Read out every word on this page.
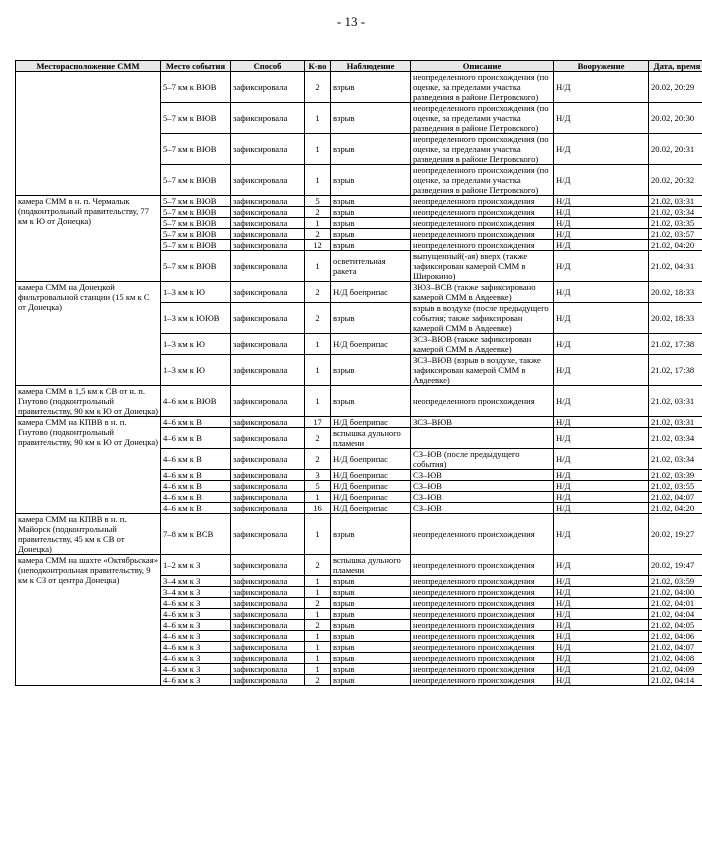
- 13 -
Месторасположение СММ	Место события	Способ	К-во	Наблюдение	Описание	Вооружение	Дата, время
	5–7 км к ВЮВ	зафиксировала	2	взрыв	неопределенного происхождения (по оценке, за пределами участка разведения в районе Петровского)	Н/Д	20.02, 20:29
	5–7 км к ВЮВ	зафиксировала	1	взрыв	неопределенного происхождения (по оценке, за пределами участка разведения в районе Петровского)	Н/Д	20.02, 20:30
	5–7 км к ВЮВ	зафиксировала	1	взрыв	неопределенного происхождения (по оценке, за пределами участка разведения в районе Петровского)	Н/Д	20.02, 20:31
	5–7 км к ВЮВ	зафиксировала	1	взрыв	неопределенного происхождения (по оценке, за пределами участка разведения в районе Петровского)	Н/Д	20.02, 20:32
камера СММ в н. п. Чермалык (подконтрольный правительству, 77 км к Ю от Донецка)	5–7 км к ВЮВ	зафиксировала	5	взрыв	неопределенного происхождения	Н/Д	21.02, 03:31
	5–7 км к ВЮВ	зафиксировала	2	взрыв	неопределенного происхождения	Н/Д	21.02, 03:34
	5–7 км к ВЮВ	зафиксировала	1	взрыв	неопределенного происхождения	Н/Д	21.02, 03:35
	5–7 км к ВЮВ	зафиксировала	2	взрыв	неопределенного происхождения	Н/Д	21.02, 03:57
	5–7 км к ВЮВ	зафиксировала	12	взрыв	неопределенного происхождения	Н/Д	21.02, 04:20
	5–7 км к ВЮВ	зафиксировала	1	осветительная ракета	выпущенный(-ая) вверх (также зафиксирован камерой СММ в Широкино)	Н/Д	21.02, 04:31
камера СММ на Донецкой фильтровальной станции (15 км к С от Донецка)	1–3 км к Ю	зафиксировала	2	Н/Д боеприпас	ЗЮЗ–ВСВ (также зафиксировано камерой СММ в Авдеевке)	Н/Д	20.02, 18:33
	1–3 км к ЮЮВ	зафиксировала	2	взрыв	взрыв в воздухе (после предыдущего события; также зафиксирован камерой СММ в Авдеевке)	Н/Д	20.02, 18:33
	1–3 км к Ю	зафиксировала	1	Н/Д боеприпас	ЗСЗ–ВЮВ (также зафиксирован камерой СММ в Авдеевке)	Н/Д	21.02, 17:38
	1–3 км к Ю	зафиксировала	1	взрыв	ЗСЗ–ВЮВ (взрыв в воздухе, также зафиксирован камерой СММ в Авдеевке)	Н/Д	21.02, 17:38
камера СММ в 1,5 км к СВ от н. п. Гнутово (подконтрольный правительству, 90 км к Ю от Донецка)	4–6 км к ВЮВ	зафиксировала	1	взрыв	неопределенного происхождения	Н/Д	21.02, 03:31
камера СММ на КПВВ в н. п. Гнутово (подконтрольный правительству, 90 км к Ю от Донецка)	4–6 км к В	зафиксировала	17	Н/Д боеприпас	ЗСЗ–ВЮВ	Н/Д	21.02, 03:31
	4–6 км к В	зафиксировала	2	вспышка дульного пламени		Н/Д	21.02, 03:34
	4–6 км к В	зафиксировала	2	Н/Д боеприпас	СЗ–ЮВ (после предыдущего события)	Н/Д	21.02, 03:34
	4–6 км к В	зафиксировала	3	Н/Д боеприпас	СЗ–ЮВ	Н/Д	21.02, 03:39
	4–6 км к В	зафиксировала	5	Н/Д боеприпас	СЗ–ЮВ	Н/Д	21.02, 03:55
	4–6 км к В	зафиксировала	1	Н/Д боеприпас	СЗ–ЮВ	Н/Д	21.02, 04:07
	4–6 км к В	зафиксировала	16	Н/Д боеприпас	СЗ–ЮВ	Н/Д	21.02, 04:20
камера СММ на КПВВ в н. п. Майорск (подконтрольный правительству, 45 км к СВ от Донецка)	7–8 км к ВСВ	зафиксировала	1	взрыв	неопределенного происхождения	Н/Д	20.02, 19:27
камера СММ на шахте «Октябрьская» (неподконтрольная правительству, 9 км к СЗ от центра Донецка)	1–2 км к З	зафиксировала	2	вспышка дульного пламени	неопределенного происхождения	Н/Д	20.02, 19:47
	3–4 км к З	зафиксировала	1	взрыв	неопределенного происхождения	Н/Д	21.02, 03:59
	3–4 км к З	зафиксировала	1	взрыв	неопределенного происхождения	Н/Д	21.02, 04:00
	4–6 км к З	зафиксировала	2	взрыв	неопределенного происхождения	Н/Д	21.02, 04:01
	4–6 км к З	зафиксировала	1	взрыв	неопределенного происхождения	Н/Д	21.02, 04:04
	4–6 км к З	зафиксировала	2	взрыв	неопределенного происхождения	Н/Д	21.02, 04:05
	4–6 км к З	зафиксировала	1	взрыв	неопределенного происхождения	Н/Д	21.02, 04:06
	4–6 км к З	зафиксировала	1	взрыв	неопределенного происхождения	Н/Д	21.02, 04:07
	4–6 км к З	зафиксировала	1	взрыв	неопределенного происхождения	Н/Д	21.02, 04:08
	4–6 км к З	зафиксировала	1	взрыв	неопределенного происхождения	Н/Д	21.02, 04:09
	4–6 км к З	зафиксировала	2	взрыв	неопределенного происхождения	Н/Д	21.02, 04:14
